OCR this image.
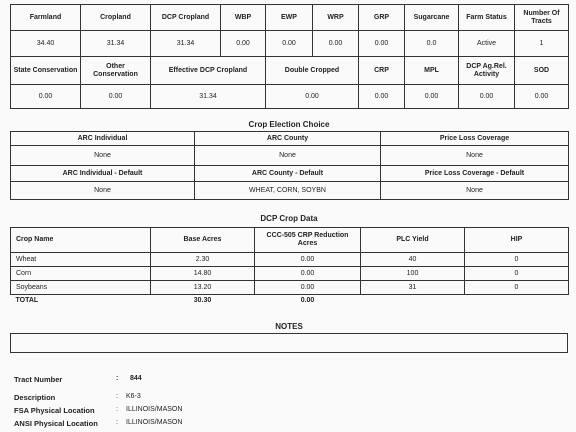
Farmland	Cropland	DCP Cropland	WBP	EWP	WRP	GRP	Sugarcane	Farm Status	Number Of Tracts
34.40	31.34	31.34	0.00	0.00	0.00	0.00	0.0	Active	1
State Conservation	Other Conservation	Effective DCP Cropland		Double Cropped		CRP	MPL	DCP Ag.Rel. Activity	SOD
0.00	0.00	31.34		0.00		0.00	0.00	0.00	0.00
Crop Election Choice
ARC Individual	ARC County	Price Loss Coverage
None	None	None
ARC Individual - Default	ARC County - Default	Price Loss Coverage - Default
None	WHEAT, CORN, SOYBN	None
DCP Crop Data
Crop Name	Base Acres	CCC-505 CRP Reduction Acres	PLC Yield	HIP
Wheat	2.30	0.00	40	0
Corn	14.80	0.00	100	0
Soybeans	13.20	0.00	31	0
TOTAL	30.30	0.00		
NOTES
Tract Number	: 844
Description	: K6-3
FSA Physical Location	: ILLINOIS/MASON
ANSI Physical Location	: ILLINOIS/MASON
